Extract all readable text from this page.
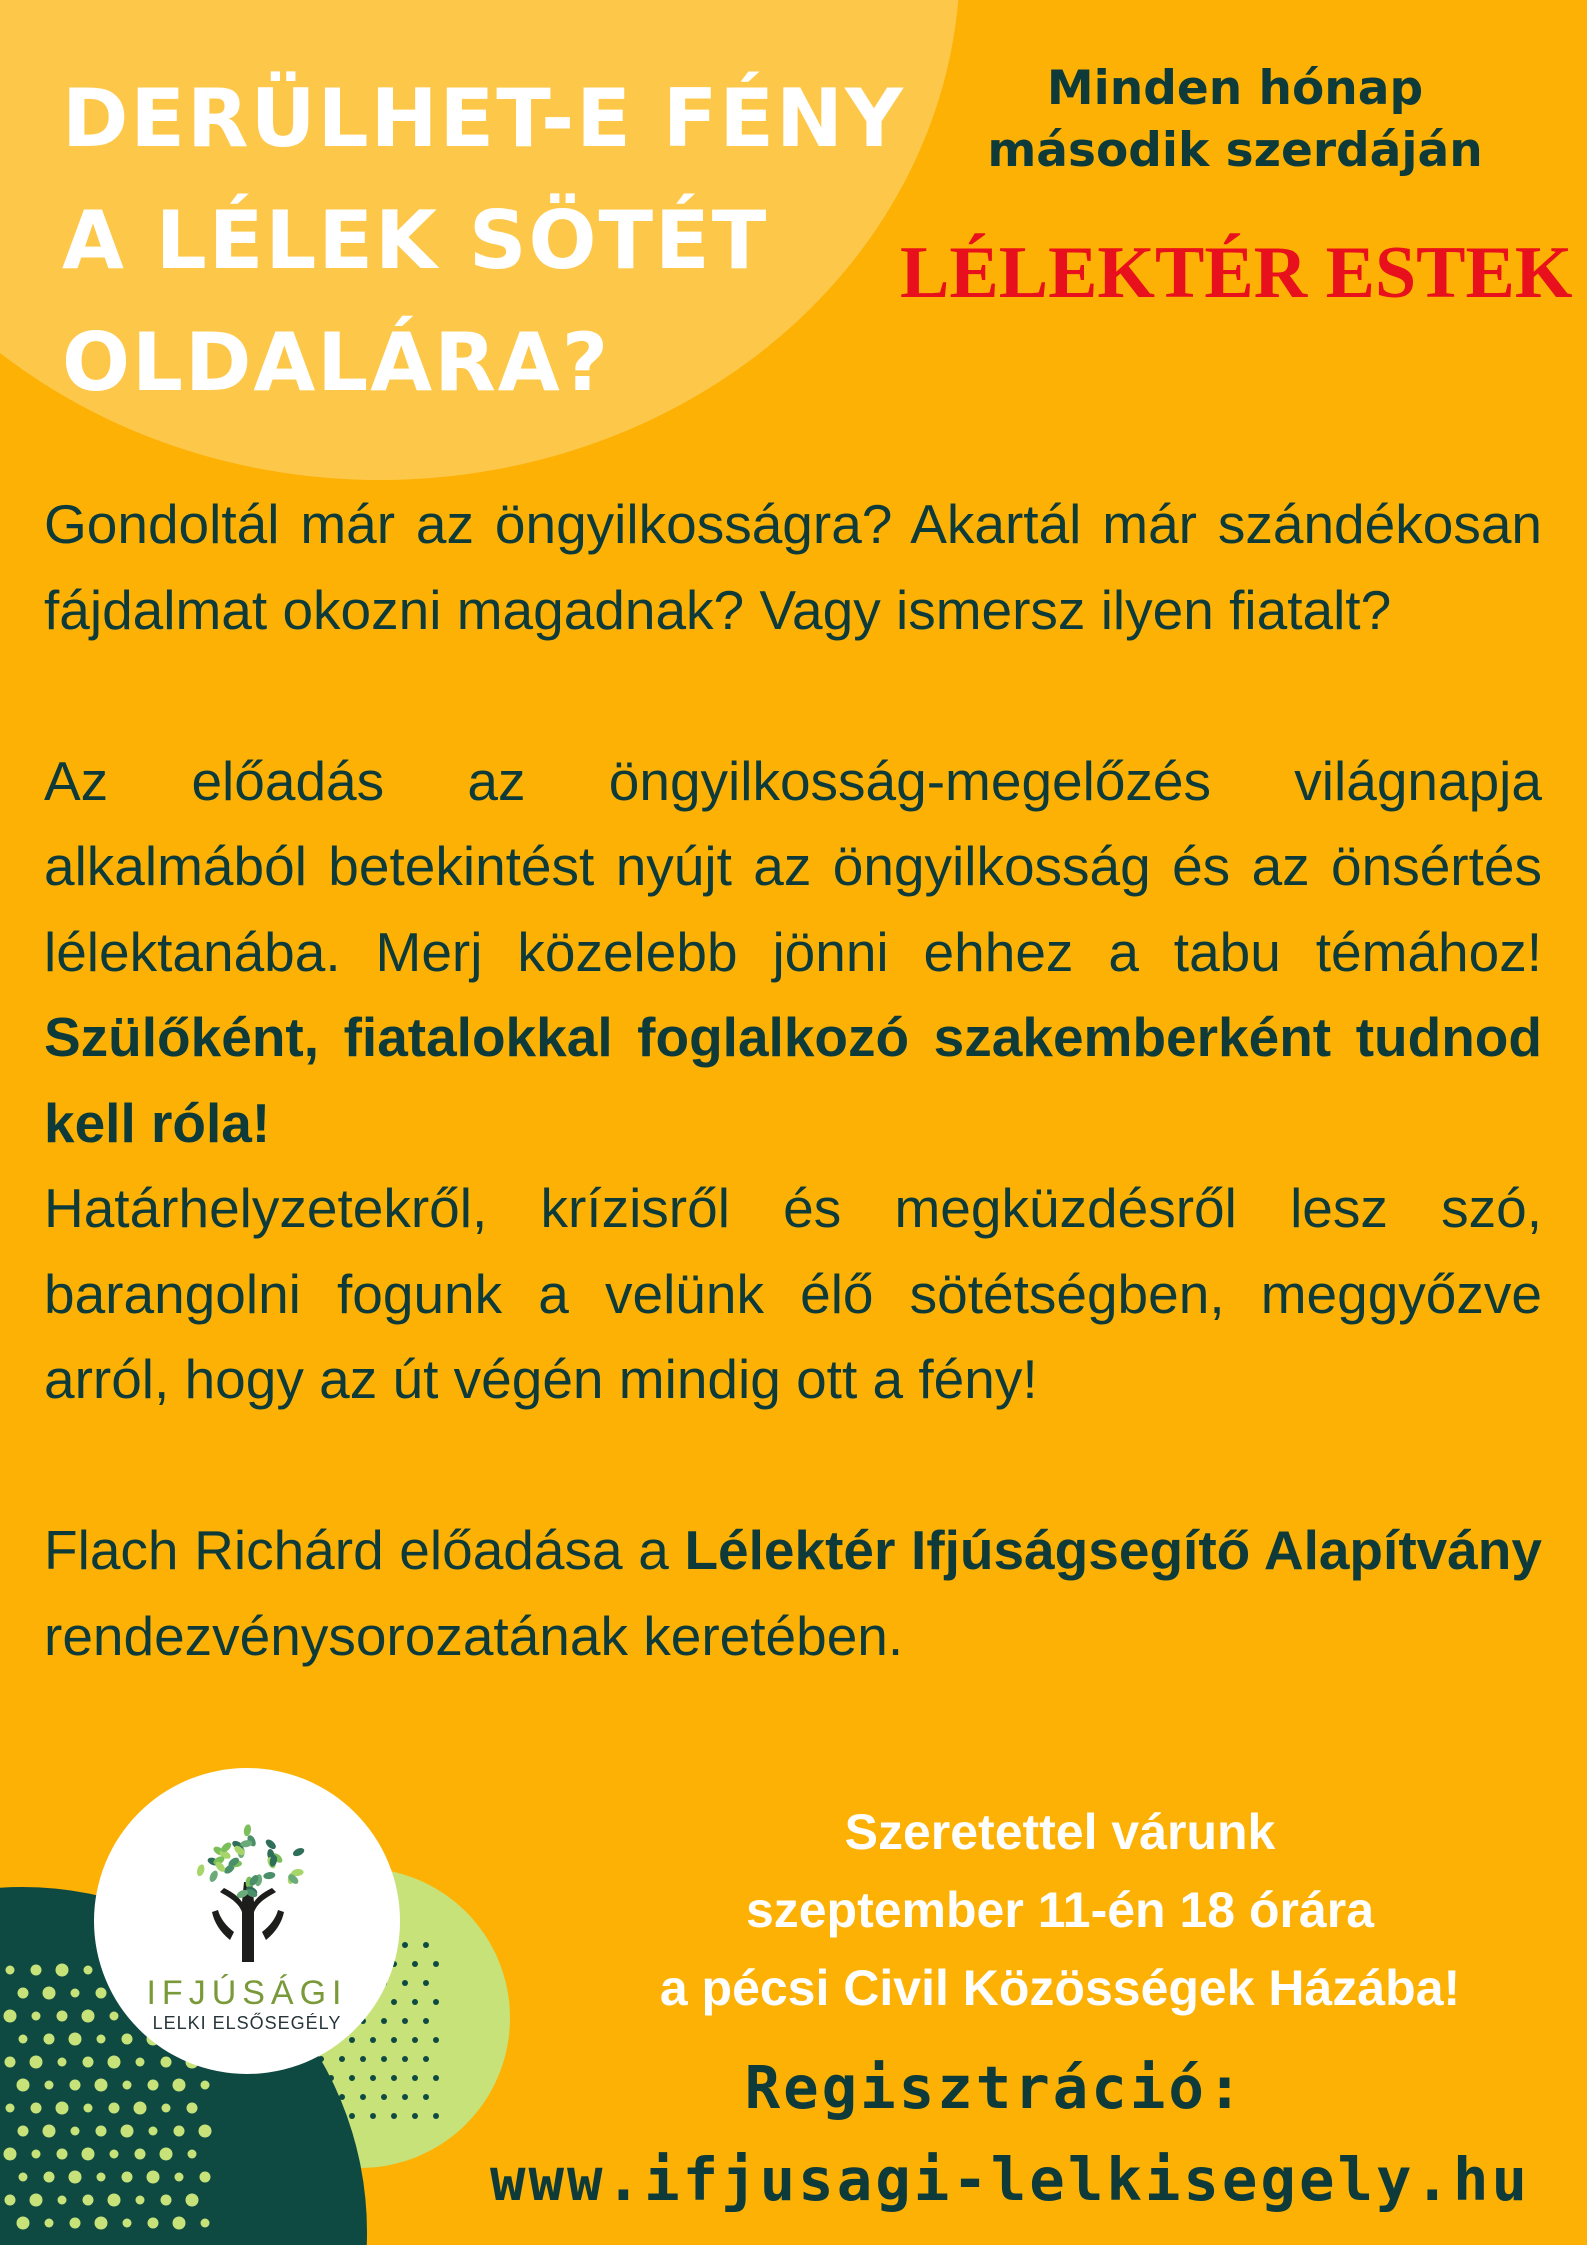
DERÜLHET-E FÉNY
A LÉLEK SÖTÉT
OLDALÁRA?
Minden hónap
második szerdáján
LÉLEKTÉR ESTEK

Gondoltál már az öngyilkosságra? Akartál már szándékosan fájdalmat okozni magadnak? Vagy ismersz ilyen fiatalt?

Az előadás az öngyilkosság-megelőzés világnapja alkalmából betekintést nyújt az öngyilkosság és az önsértés lélektanába. Merj közelebb jönni ehhez a tabu témához! Szülőként, fiatalokkal foglalkozó szakemberként tudnod kell róla!

Határhelyzetekről, krízisről és megküzdésről lesz szó, barangolni fogunk a velünk élő sötétségben, meggyőzve arról, hogy az út végén mindig ott a fény!

Flach Richárd előadása a Lélektér Ifjúságsegítő Alapítvány rendezvénysorozatának keretében.

IFJÚSÁGI
LELKI ELSŐSEGÉLY
Szeretettel várunk
szeptember 11-én 18 órára
a pécsi Civil Közösségek Házába!
Regisztráció:
www.ifjusagi-lelkisegely.hu
